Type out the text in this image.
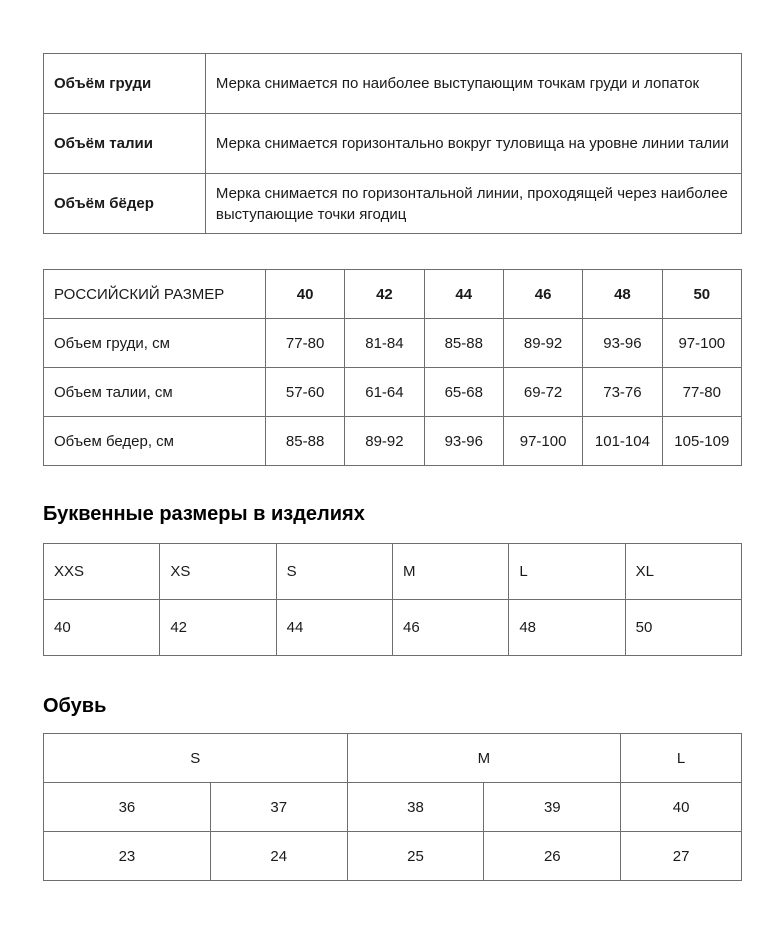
Объём груди	Мерка снимается по наиболее выступающим точкам груди и лопаток
Объём талии	Мерка снимается горизонтально вокруг туловища на уровне линии талии
Объём бёдер	Мерка снимается по горизонтальной линии, проходящей через наиболее выступающие точки ягодиц
РОССИЙСКИЙ РАЗМЕР	40	42	44	46	48	50
Объем груди, см	77-80	81-84	85-88	89-92	93-96	97-100
Объем талии, см	57-60	61-64	65-68	69-72	73-76	77-80
Объем бедер, см	85-88	89-92	93-96	97-100	101-104	105-109
Буквенные размеры в изделиях
XXS	XS	S	M	L	XL
40	42	44	46	48	50
Обувь
S		M		L
36	37	38	39	40
23	24	25	26	27
